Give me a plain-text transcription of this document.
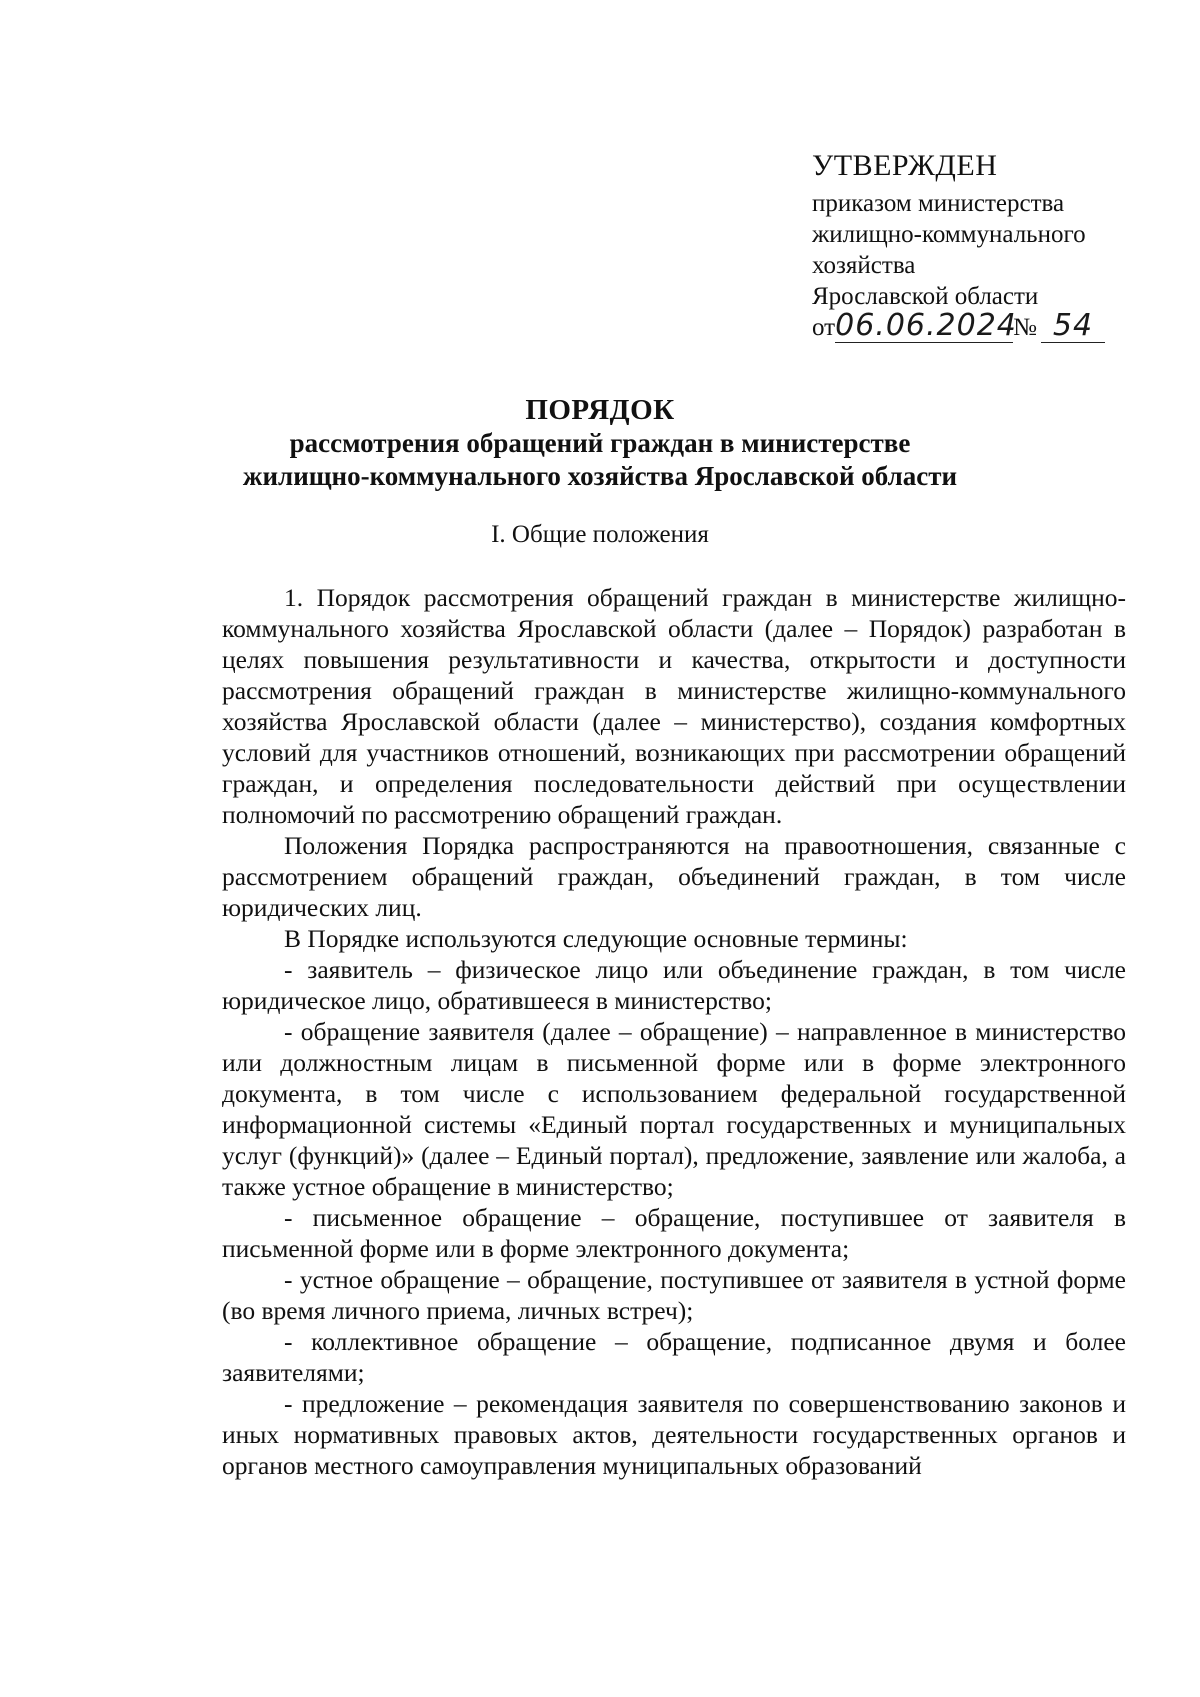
УТВЕРЖДЕН
приказом министерства
жилищно-коммунального
хозяйства
Ярославской области
от06.06.2024№ 54
ПОРЯДОК
рассмотрения обращений граждан в министерстве
жилищно-коммунального хозяйства Ярославской области
I. Общие положения

1. Порядок рассмотрения обращений граждан в министерстве жилищно-коммунального хозяйства Ярославской области (далее – Порядок) разработан в целях повышения результативности и качества, открытости и доступности рассмотрения обращений граждан в министерстве жилищно-коммунального хозяйства Ярославской области (далее – министерство), создания комфортных условий для участников отношений, возникающих при рассмотрении обращений граждан, и определения последовательности действий при осуществлении полномочий по рассмотрению обращений граждан.

Положения Порядка распространяются на правоотношения, связанные с рассмотрением обращений граждан, объединений граждан, в том числе юридических лиц.

В Порядке используются следующие основные термины:

- заявитель – физическое лицо или объединение граждан, в том числе юридическое лицо, обратившееся в министерство;

- обращение заявителя (далее – обращение) – направленное в министерство или должностным лицам в письменной форме или в форме электронного документа, в том числе с использованием федеральной государственной информационной системы «Единый портал государственных и муниципальных услуг (функций)» (далее – Единый портал), предложение, заявление или жалоба, а также устное обращение в министерство;

- письменное обращение – обращение, поступившее от заявителя в письменной форме или в форме электронного документа;

- устное обращение – обращение, поступившее от заявителя в устной форме (во время личного приема, личных встреч);

- коллективное обращение – обращение, подписанное двумя и более заявителями;

- предложение – рекомендация заявителя по совершенствованию законов и иных нормативных правовых актов, деятельности государственных органов и органов местного самоуправления муниципальных образований
